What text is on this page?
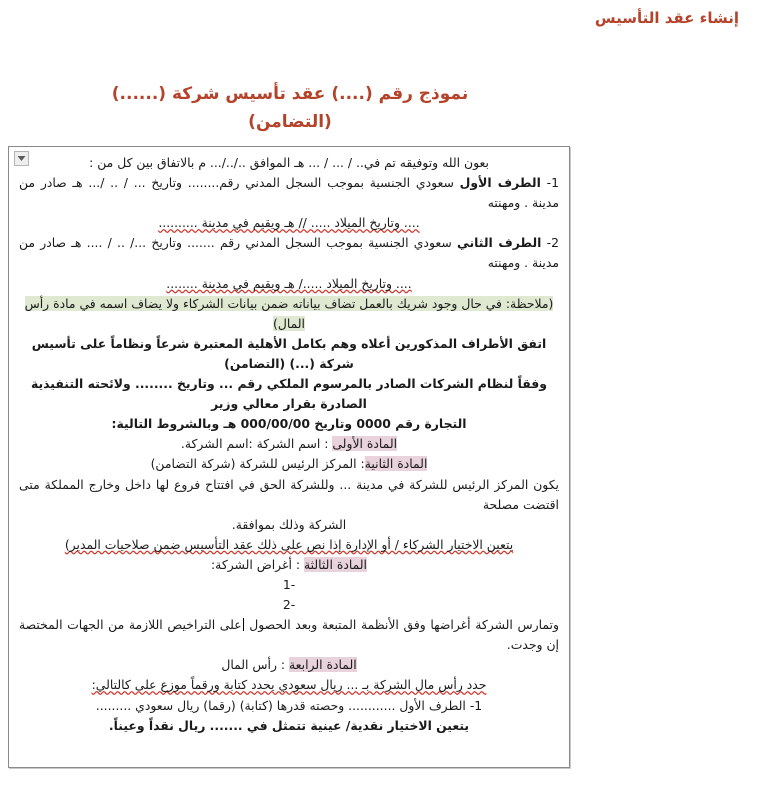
إنشاء عقد التأسيس
نموذج رقم (....) عقد تأسيس شركة (......)
(التضامن)

بعون الله وتوفيقه تم في.. / ... / ... هـ الموافق ../../... م بالاتفاق بين كل من :

1- الطرف الأول سعودي الجنسية بموجب السجل المدني رقم........ وتاريخ ... / .. /... هـ صادر من مدينة . ومهنته

.... وتاريخ الميلاد ..... // هـ ويقيم في مدينة ..........

2- الطرف الثاني سعودي الجنسية بموجب السجل المدني رقم ....... وتاريخ .../ .. / .... هـ صادر من مدينة . ومهنته

.... وتاريخ الميلاد ...../ هـ ويقيم في مدينة ........

(ملاحظة: في حال وجود شريك بالعمل تضاف بياناته ضمن بيانات الشركاء ولا يضاف اسمه في مادة رأس المال)

اتفق الأطراف المذكورين أعلاه وهم بكامل الأهلية المعتبرة شرعاً ونظاماً على تأسيس شركة (...) (التضامن)

وفقاً لنظام الشركات الصادر بالمرسوم الملكي رقم ... وتاريخ ........ ولائحته التنفيذية الصادرة بقرار معالي وزير

التجارة رقم 0000 وتاريخ 000/00/00 هـ وبالشروط التالية:

المادة الأولى : اسم الشركة :اسم الشركة.

المادة الثانية: المركز الرئيس للشركة (شركة التضامن)

يكون المركز الرئيس للشركة في مدينة ... وللشركة الحق في افتتاح فروع لها داخل وخارج المملكة متى اقتضت مصلحة

الشركة وذلك بموافقة.

يتعين الاختيار الشركاء / أو الإدارة إذا نص على ذلك عقد التأسيس ضمن صلاحيات المدير)

المادة الثالثة : أغراض الشركة:

1-

2-

وتمارس الشركة أغراضها وفق الأنظمة المتبعة وبعد الحصول على التراخيص اللازمة من الجهات المختصة إن وجدت.

المادة الرابعة : رأس المال

حدد رأس مال الشركة بـ ... ريال سعودي يحدد كتابة ورقماً موزع على كالتالي:

1- الطرف الأول ............ وحصته قدرها (كتابة) (رقما) ريال سعودي .........

يتعين الاختيار نقدية/ عينية تتمثل في ....... ريال نقداً وعيناً.
